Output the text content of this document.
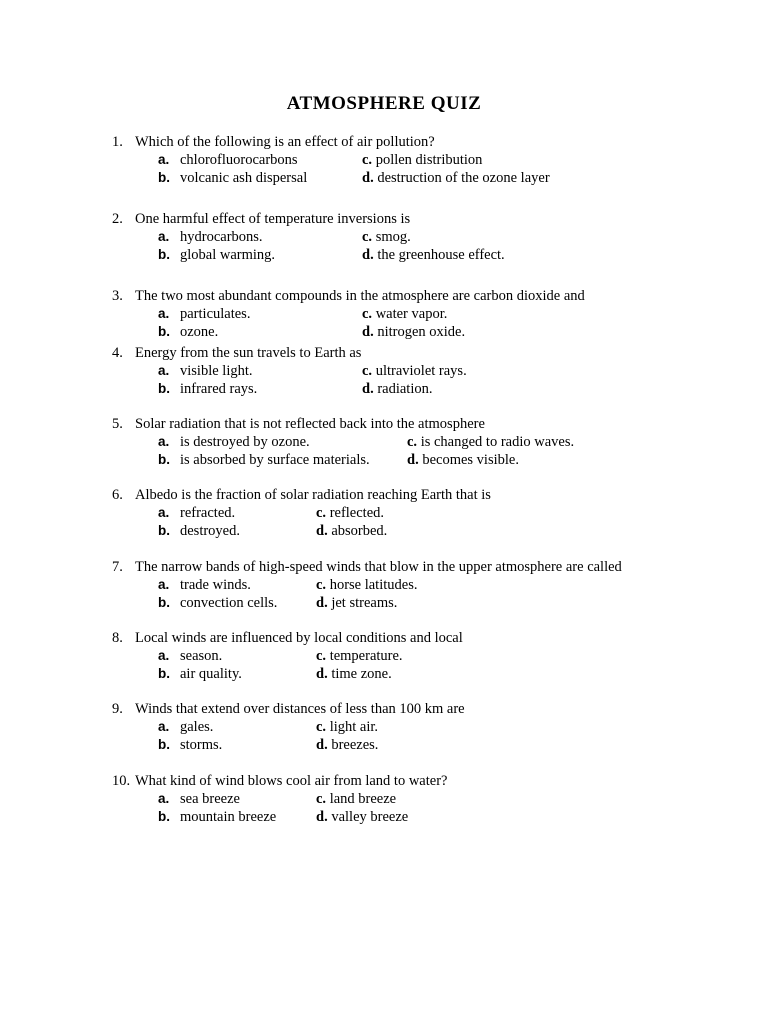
ATMOSPHERE QUIZ
1. Which of the following is an effect of air pollution?
a. chlorofluorocarbons
b. volcanic ash dispersal
c. pollen distribution
d. destruction of the ozone layer
2. One harmful effect of temperature inversions is
a. hydrocarbons.
b. global warming.
c. smog.
d. the greenhouse effect.
3. The two most abundant compounds in the atmosphere are carbon dioxide and
a. particulates.
b. ozone.
c. water vapor.
d. nitrogen oxide.
4. Energy from the sun travels to Earth as
a. visible light.
b. infrared rays.
c. ultraviolet rays.
d. radiation.
5. Solar radiation that is not reflected back into the atmosphere
a. is destroyed by ozone.
b. is absorbed by surface materials.
c. is changed to radio waves.
d. becomes visible.
6. Albedo is the fraction of solar radiation reaching Earth that is
a. refracted.
b. destroyed.
c. reflected.
d. absorbed.
7. The narrow bands of high-speed winds that blow in the upper atmosphere are called
a. trade winds.
b. convection cells.
c. horse latitudes.
d. jet streams.
8. Local winds are influenced by local conditions and local
a. season.
b. air quality.
c. temperature.
d. time zone.
9. Winds that extend over distances of less than 100 km are
a. gales.
b. storms.
c. light air.
d. breezes.
10. What kind of wind blows cool air from land to water?
a. sea breeze
b. mountain breeze
c. land breeze
d. valley breeze
